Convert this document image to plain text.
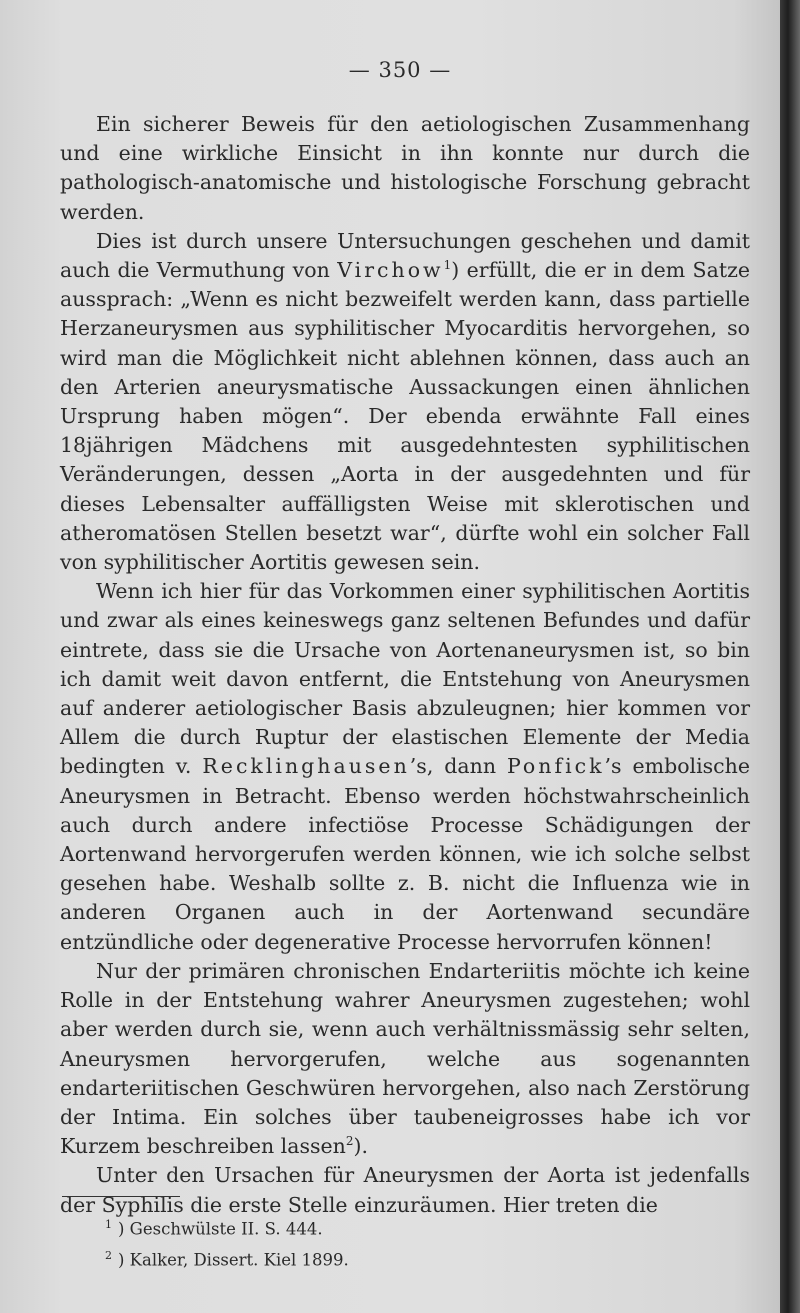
— 350 —

Ein sicherer Beweis für den aetiologischen Zusammenhang und eine wirkliche Einsicht in ihn konnte nur durch die pathologisch-anatomische und histologische Forschung gebracht werden.

Dies ist durch unsere Untersuchungen geschehen und damit auch die Vermuthung von Virchow$^1$) erfüllt, die er in dem Satze aussprach: „Wenn es nicht bezweifelt werden kann, dass partielle Herzaneurysmen aus syphilitischer Myocarditis hervorgehen, so wird man die Möglichkeit nicht ablehnen können, dass auch an den Arterien aneurysmatische Aussackungen einen ähnlichen Ursprung haben mögen“. Der ebenda erwähnte Fall eines 18jährigen Mädchens mit ausgedehntesten syphilitischen Veränderungen, dessen „Aorta in der ausgedehnten und für dieses Lebensalter auffälligsten Weise mit sklerotischen und atheromatösen Stellen besetzt war“, dürfte wohl ein solcher Fall von syphilitischer Aortitis gewesen sein.

Wenn ich hier für das Vorkommen einer syphilitischen Aortitis und zwar als eines keineswegs ganz seltenen Befundes und dafür eintrete, dass sie die Ursache von Aortenaneurysmen ist, so bin ich damit weit davon entfernt, die Entstehung von Aneurysmen auf anderer aetiologischer Basis abzuleugnen; hier kommen vor Allem die durch Ruptur der elastischen Elemente der Media bedingten v. Recklinghausen’s, dann Ponfick’s embolische Aneurysmen in Betracht. Ebenso werden höchstwahrscheinlich auch durch andere infectiöse Processe Schädigungen der Aortenwand hervorgerufen werden können, wie ich solche selbst gesehen habe. Weshalb sollte z. B. nicht die Influenza wie in anderen Organen auch in der Aortenwand secundäre entzündliche oder degenerative Processe hervorrufen können!

Nur der primären chronischen Endarteriitis möchte ich keine Rolle in der Entstehung wahrer Aneurysmen zugestehen; wohl aber werden durch sie, wenn auch verhältnissmässig sehr selten, Aneurysmen hervorgerufen, welche aus sogenannten endarteriitischen Geschwüren hervorgehen, also nach Zerstörung der Intima. Ein solches über taubeneigrosses habe ich vor Kurzem beschreiben lassen$^2$).

Unter den Ursachen für Aneurysmen der Aorta ist jedenfalls der Syphilis die erste Stelle einzuräumen. Hier treten die

$^1$ ) Geschwülste II. S. 444.
$^2$ ) Kalker, Dissert. Kiel 1899.
